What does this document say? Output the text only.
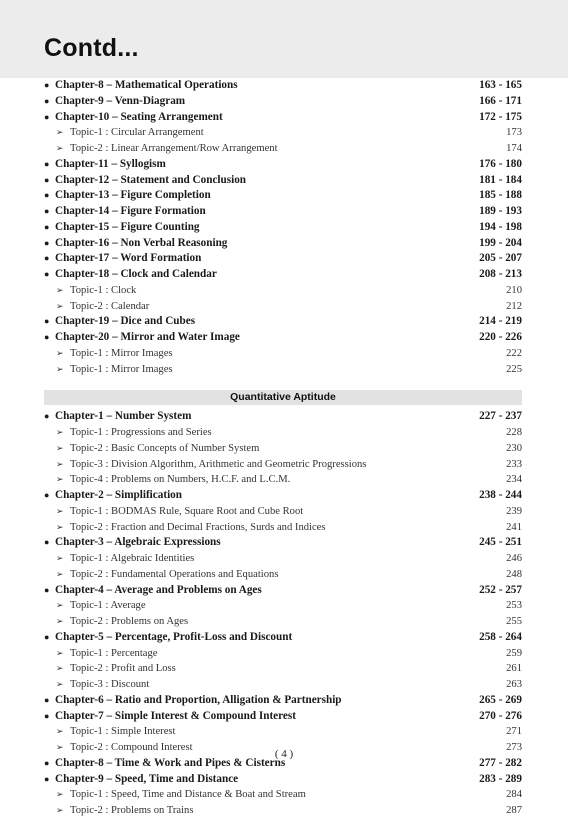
Contd...
● Chapter-8 – Mathematical Operations	163 - 165
● Chapter-9 – Venn-Diagram	166 - 171
● Chapter-10 – Seating Arrangement	172 - 175
➢ Topic-1 : Circular Arrangement	173
➢ Topic-2 : Linear Arrangement/Row Arrangement	174
● Chapter-11 – Syllogism	176 - 180
● Chapter-12 – Statement and Conclusion	181 - 184
● Chapter-13 – Figure Completion	185 - 188
● Chapter-14 – Figure Formation	189 - 193
● Chapter-15 – Figure Counting	194 - 198
● Chapter-16 – Non Verbal Reasoning	199 - 204
● Chapter-17 – Word Formation	205 - 207
● Chapter-18 – Clock and Calendar	208 - 213
➢ Topic-1 : Clock	210
➢ Topic-2 : Calendar	212
● Chapter-19 – Dice and Cubes	214 - 219
● Chapter-20 – Mirror and Water Image	220 - 226
➢ Topic-1 : Mirror Images	222
➢ Topic-1 : Mirror Images	225
Quantitative Aptitude
● Chapter-1 – Number System	227 - 237
➢ Topic-1 : Progressions and Series	228
➢ Topic-2 : Basic Concepts of Number System	230
➢ Topic-3 : Division Algorithm, Arithmetic and Geometric Progressions	233
➢ Topic-4 : Problems on Numbers, H.C.F. and L.C.M.	234
● Chapter-2 – Simplification	238 - 244
➢ Topic-1 : BODMAS Rule, Square Root and Cube Root	239
➢ Topic-2 : Fraction and Decimal Fractions, Surds and Indices	241
● Chapter-3 – Algebraic Expressions	245 - 251
➢ Topic-1 : Algebraic Identities	246
➢ Topic-2 : Fundamental Operations and Equations	248
● Chapter-4 – Average and Problems on Ages	252 - 257
➢ Topic-1 : Average	253
➢ Topic-2 : Problems on Ages	255
● Chapter-5 – Percentage, Profit-Loss and Discount	258 - 264
➢ Topic-1 : Percentage	259
➢ Topic-2 : Profit and Loss	261
➢ Topic-3 : Discount	263
● Chapter-6 – Ratio and Proportion, Alligation & Partnership	265 - 269
● Chapter-7 – Simple Interest & Compound Interest	270 - 276
➢ Topic-1 : Simple Interest	271
➢ Topic-2 : Compound Interest	273
● Chapter-8 – Time & Work and Pipes & Cisterns	277 - 282
● Chapter-9 – Speed, Time and Distance	283 - 289
➢ Topic-1 : Speed, Time and Distance & Boat and Stream	284
➢ Topic-2 : Problems on Trains	287
( 4 )
